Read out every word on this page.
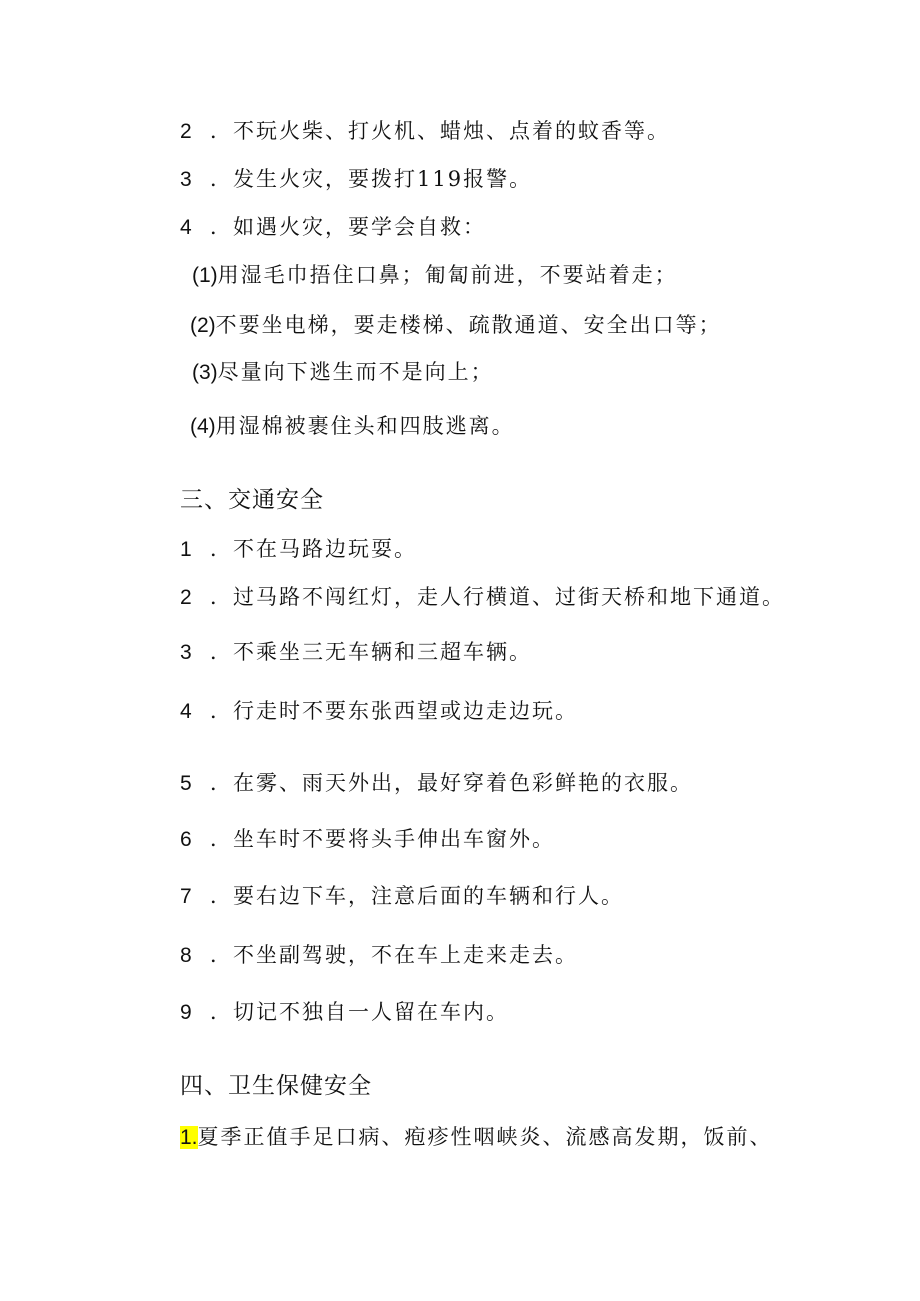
2 ．不玩火柴、打火机、蜡烛、点着的蚊香等。
3 ．发生火灾，要拨打119报警。
4 ．如遇火灾，要学会自救：
(1)用湿毛巾捂住口鼻；匍匐前进，不要站着走；
(2)不要坐电梯，要走楼梯、疏散通道、安全出口等；
(3)尽量向下逃生而不是向上；
(4)用湿棉被裹住头和四肢逃离。
三、交通安全
1 ．不在马路边玩耍。
2 ．过马路不闯红灯，走人行横道、过街天桥和地下通道。
3 ．不乘坐三无车辆和三超车辆。
4 ．行走时不要东张西望或边走边玩。
5 ．在雾、雨天外出，最好穿着色彩鲜艳的衣服。
6 ．坐车时不要将头手伸出车窗外。
7 ．要右边下车，注意后面的车辆和行人。
8 ．不坐副驾驶，不在车上走来走去。
9 ．切记不独自一人留在车内。
四、卫生保健安全
1.夏季正值手足口病、疱疹性咽峡炎、流感高发期，饭前、
